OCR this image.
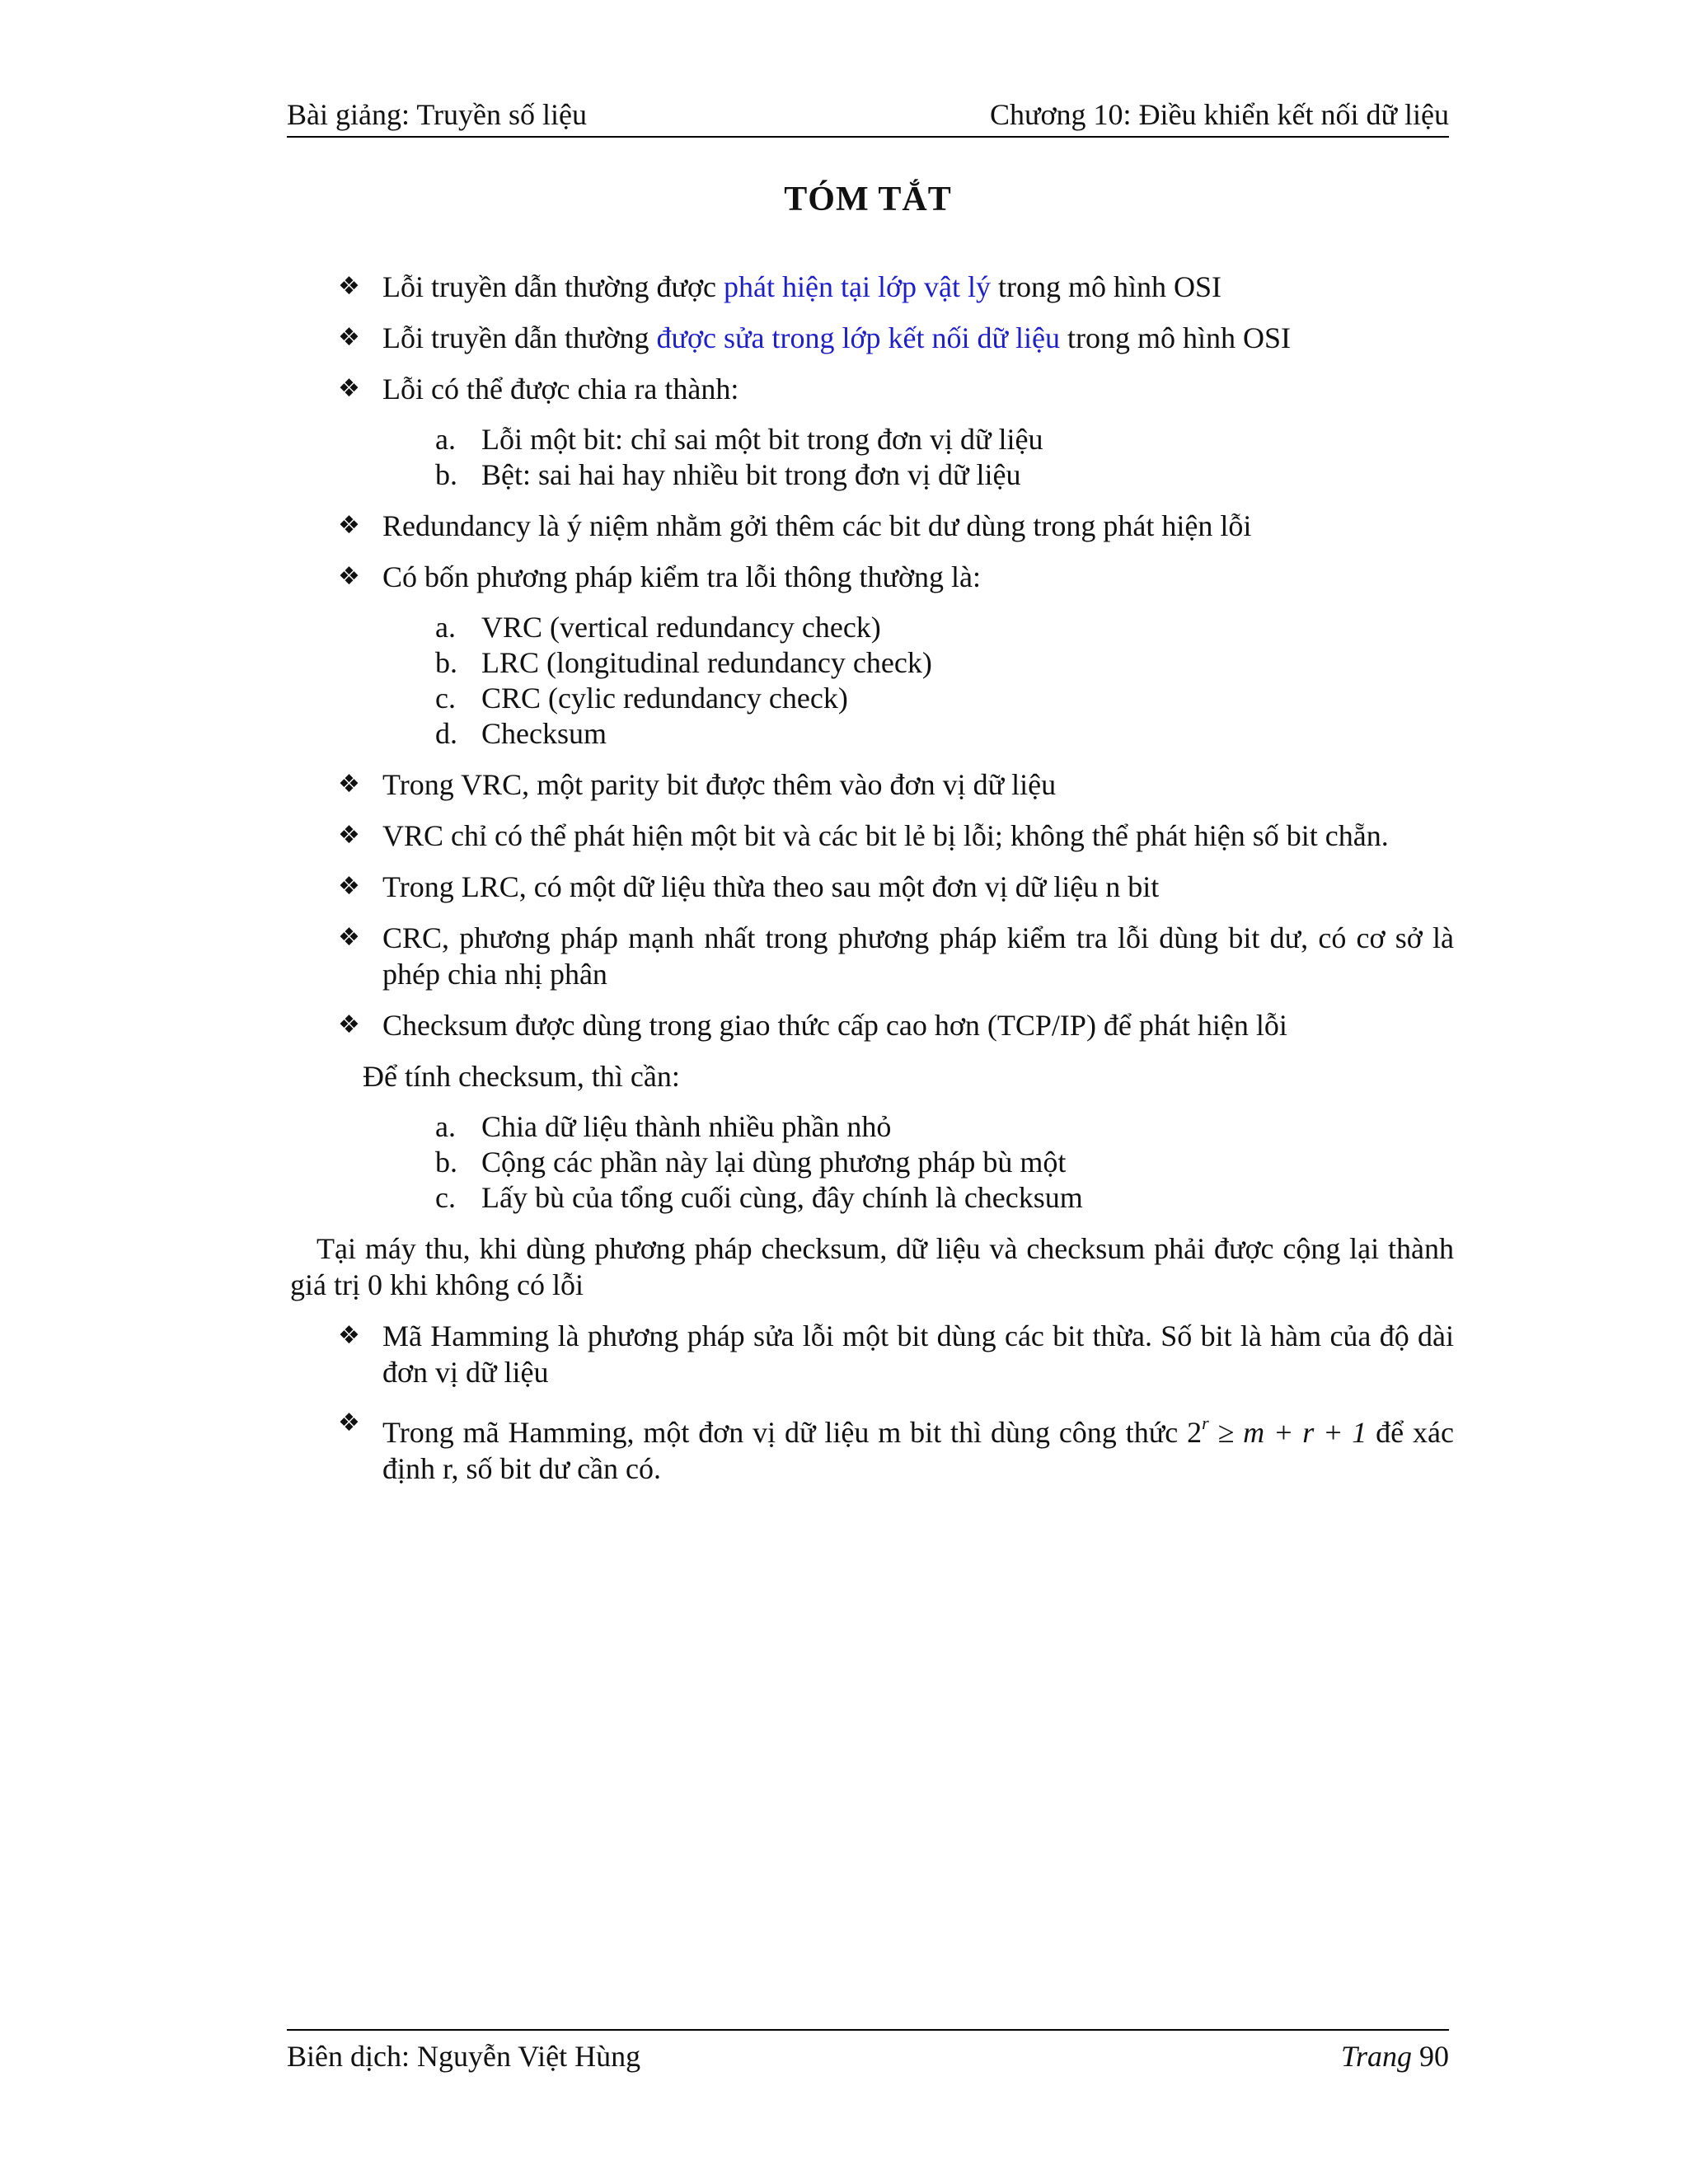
Bài giảng: Truyền số liệu	Chương 10: Điều khiển kết nối dữ liệu
TÓM TẮT
❖ Lỗi truyền dẫn thường được phát hiện tại lớp vật lý trong mô hình OSI
❖ Lỗi truyền dẫn thường được sửa trong lớp kết nối dữ liệu trong mô hình OSI
❖ Lỗi có thể được chia ra thành:
a. Lỗi một bit: chỉ sai một bit trong đơn vị dữ liệu
b. Bệt: sai hai hay nhiều bit trong đơn vị dữ liệu
❖ Redundancy là ý niệm nhằm gởi thêm các bit dư dùng trong phát hiện lỗi
❖ Có bốn phương pháp kiểm tra lỗi thông thường là:
a. VRC (vertical redundancy check)
b. LRC (longitudinal redundancy check)
c. CRC (cylic redundancy check)
d. Checksum
❖ Trong VRC, một parity bit được thêm vào đơn vị dữ liệu
❖ VRC chỉ có thể phát hiện một bit và các bit lẻ bị lỗi; không thể phát hiện số bit chẵn.
❖ Trong LRC, có một dữ liệu thừa theo sau một đơn vị dữ liệu n bit
❖ CRC, phương pháp mạnh nhất trong phương pháp kiểm tra lỗi dùng bit dư, có cơ sở là phép chia nhị phân
❖ Checksum được dùng trong giao thức cấp cao hơn (TCP/IP) để phát hiện lỗi
Để tính checksum, thì cần:
a. Chia dữ liệu thành nhiều phần nhỏ
b. Cộng các phần này lại dùng phương pháp bù một
c. Lấy bù của tổng cuối cùng, đây chính là checksum
Tại máy thu, khi dùng phương pháp checksum, dữ liệu và checksum phải được cộng lại thành giá trị 0 khi không có lỗi
❖ Mã Hamming là phương pháp sửa lỗi một bit dùng các bit thừa. Số bit là hàm của độ dài đơn vị dữ liệu
❖ Trong mã Hamming, một đơn vị dữ liệu m bit thì dùng công thức $2^r \ge m + r + 1$ để xác định r, số bit dư cần có.
Biên dịch: Nguyễn Việt Hùng	Trang 90
